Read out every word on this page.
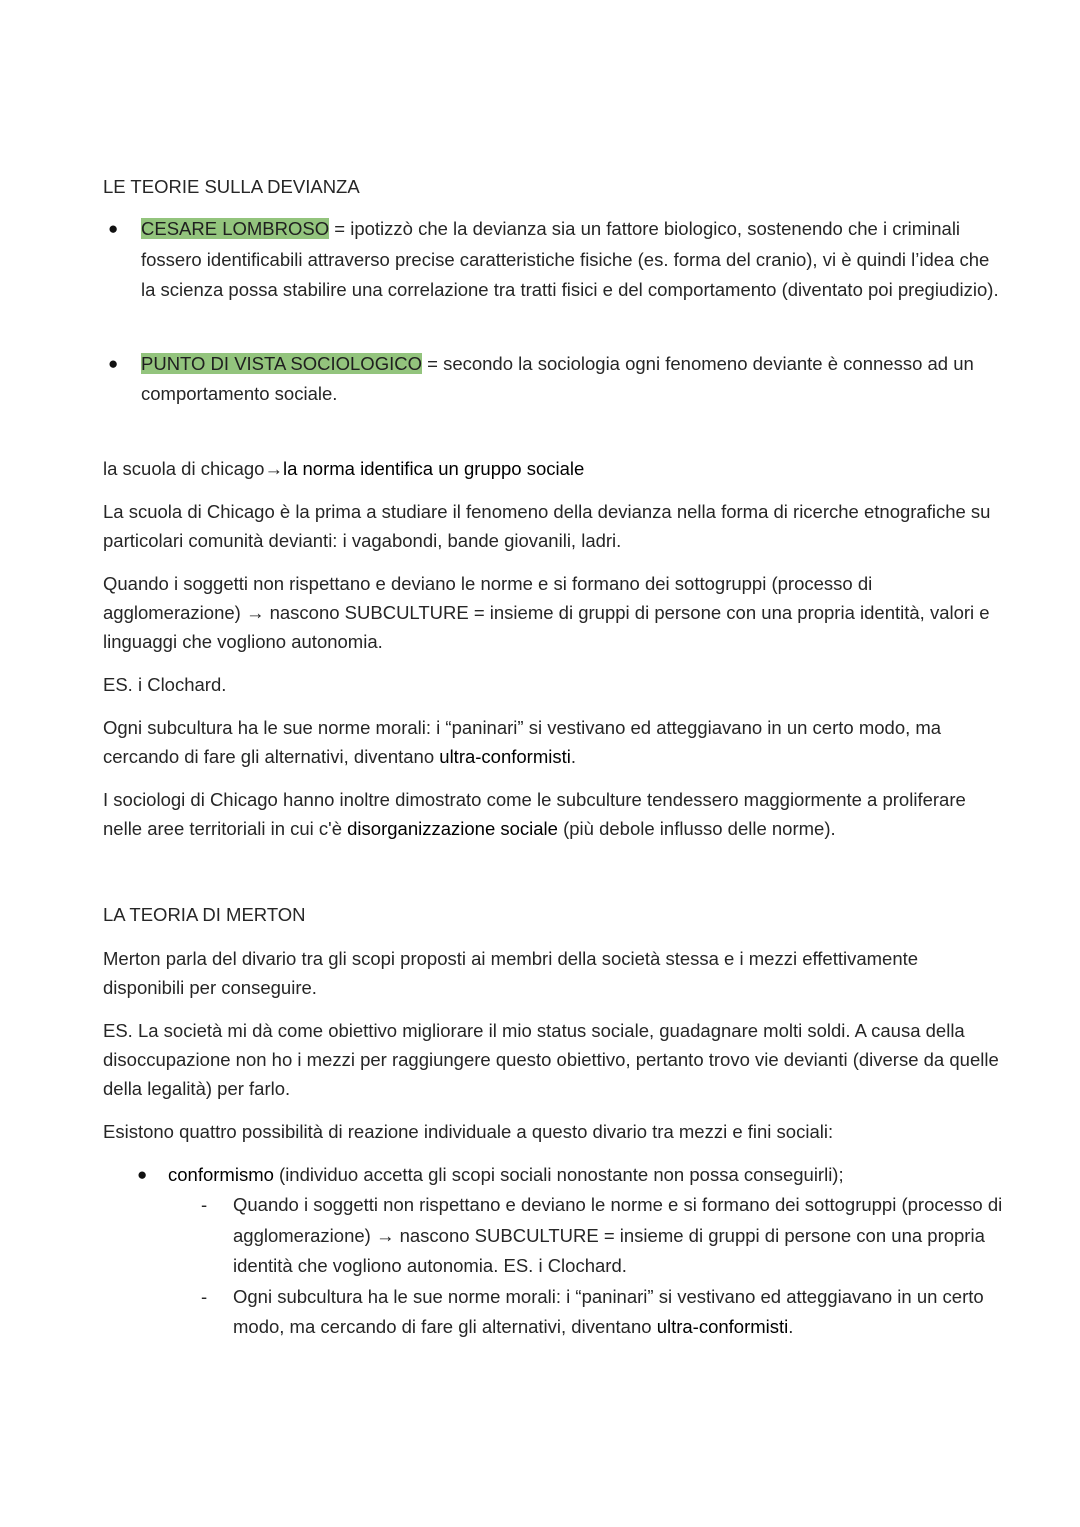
LE TEORIE SULLA DEVIANZA
● CESARE LOMBROSO = ipotizzò che la devianza sia un fattore biologico, sostenendo che i criminali fossero identificabili attraverso precise caratteristiche fisiche (es. forma del cranio), vi è quindi l’idea che la scienza possa stabilire una correlazione tra tratti fisici e del comportamento (diventato poi pregiudizio).
● PUNTO DI VISTA SOCIOLOGICO = secondo la sociologia ogni fenomeno deviante è connesso ad un comportamento sociale.

la scuola di chicago→la norma identifica un gruppo sociale

La scuola di Chicago è la prima a studiare il fenomeno della devianza nella forma di ricerche etnografiche su particolari comunità devianti: i vagabondi, bande giovanili, ladri.

Quando i soggetti non rispettano e deviano le norme e si formano dei sottogruppi (processo di agglomerazione) → nascono SUBCULTURE = insieme di gruppi di persone con una propria identità, valori e linguaggi che vogliono autonomia.

ES. i Clochard.

Ogni subcultura ha le sue norme morali: i “paninari” si vestivano ed atteggiavano in un certo modo, ma cercando di fare gli alternativi, diventano ultra-conformisti.

I sociologi di Chicago hanno inoltre dimostrato come le subculture tendessero maggiormente a proliferare nelle aree territoriali in cui c'è disorganizzazione sociale (più debole influsso delle norme).

LA TEORIA DI MERTON

Merton parla del divario tra gli scopi proposti ai membri della società stessa e i mezzi effettivamente disponibili per conseguire.

ES. La società mi dà come obiettivo migliorare il mio status sociale, guadagnare molti soldi. A causa della disoccupazione non ho i mezzi per raggiungere questo obiettivo, pertanto trovo vie devianti (diverse da quelle della legalità) per farlo.

Esistono quattro possibilità di reazione individuale a questo divario tra mezzi e fini sociali:

● conformismo (individuo accetta gli scopi sociali nonostante non possa conseguirli);
- Quando i soggetti non rispettano e deviano le norme e si formano dei sottogruppi (processo di agglomerazione) → nascono SUBCULTURE = insieme di gruppi di persone con una propria identità che vogliono autonomia. ES. i Clochard.
- Ogni subcultura ha le sue norme morali: i “paninari” si vestivano ed atteggiavano in un certo modo, ma cercando di fare gli alternativi, diventano ultra-conformisti.
